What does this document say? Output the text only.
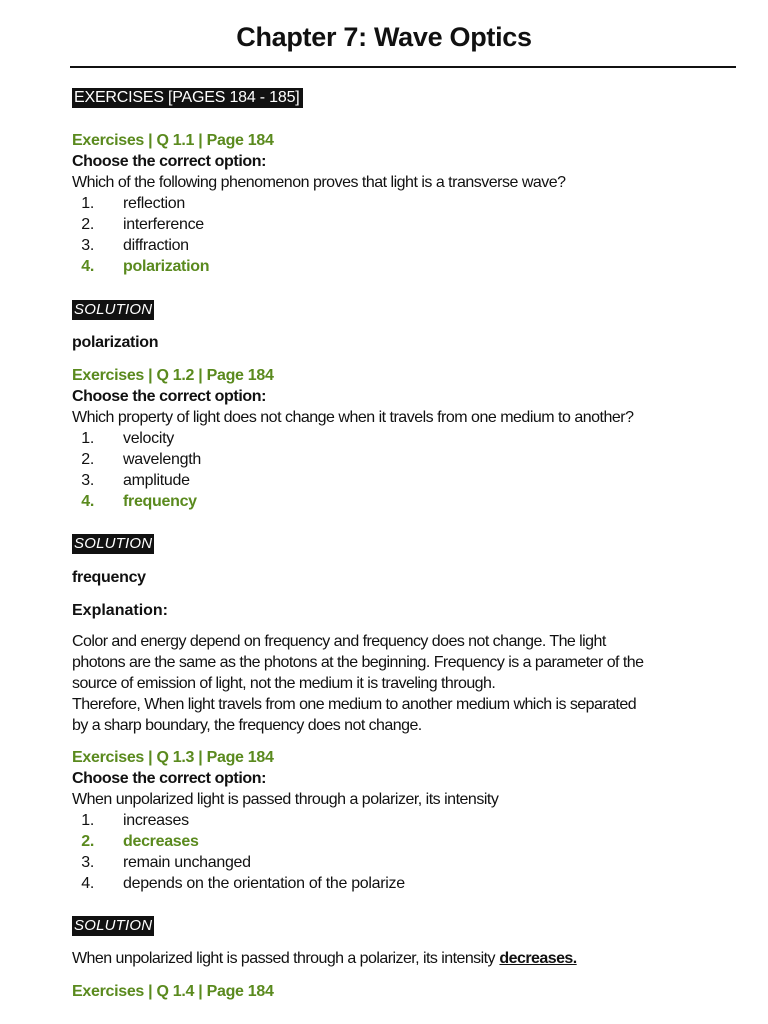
Chapter 7: Wave Optics
EXERCISES [PAGES 184 - 185]
Exercises | Q 1.1 | Page 184
Choose the correct option:
Which of the following phenomenon proves that light is a transverse wave?
1. reflection
2. interference
3. diffraction
4. polarization
SOLUTION
polarization
Exercises | Q 1.2 | Page 184
Choose the correct option:
Which property of light does not change when it travels from one medium to another?
1. velocity
2. wavelength
3. amplitude
4. frequency
SOLUTION
frequency
Explanation:
Color and energy depend on frequency and frequency does not change. The light
photons are the same as the photons at the beginning. Frequency is a parameter of the
source of emission of light, not the medium it is traveling through.
Therefore, When light travels from one medium to another medium which is separated
by a sharp boundary, the frequency does not change.
Exercises | Q 1.3 | Page 184
Choose the correct option:
When unpolarized light is passed through a polarizer, its intensity
1. increases
2. decreases
3. remain unchanged
4. depends on the orientation of the polarize
SOLUTION
When unpolarized light is passed through a polarizer, its intensity decreases.
Exercises | Q 1.4 | Page 184
